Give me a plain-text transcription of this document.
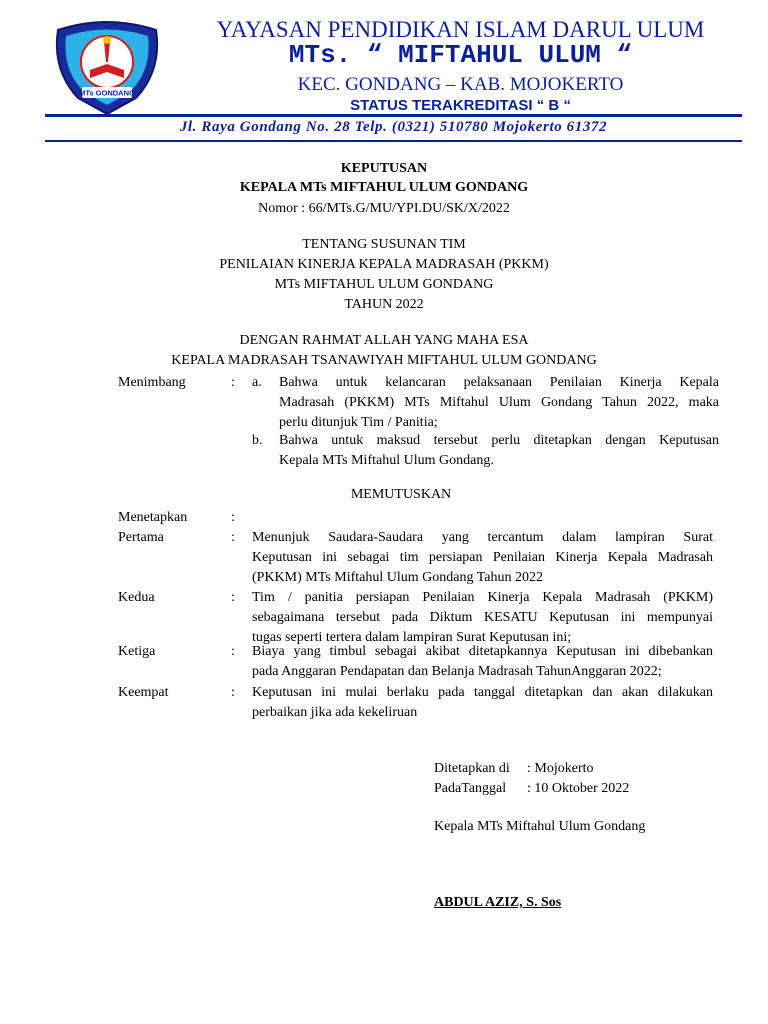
MTs GONDANG
YAYASAN PENDIDIKAN ISLAM DARUL ULUM
MTs. “ MIFTAHUL ULUM “
KEC. GONDANG – KAB. MOJOKERTO
STATUS TERAKREDITASI “ B “
Jl. Raya Gondang No. 28 Telp. (0321) 510780 Mojokerto 61372
KEPUTUSAN
KEPALA MTs MIFTAHUL ULUM GONDANG
Nomor : 66/MTs.G/MU/YPI.DU/SK/X/2022
TENTANG SUSUNAN TIM
PENILAIAN KINERJA KEPALA MADRASAH (PKKM)
MTs MIFTAHUL ULUM GONDANG
TAHUN 2022
DENGAN RAHMAT ALLAH YANG MAHA ESA
KEPALA MADRASAH TSANAWIYAH MIFTAHUL ULUM GONDANG
Menimbang	: a. Bahwa untuk kelancaran pelaksanaan Penilaian Kinerja Kepala
Madrasah (PKKM) MTs Miftahul Ulum Gondang Tahun 2022, maka
perlu ditunjuk Tim / Panitia;
b. Bahwa untuk maksud tersebut perlu ditetapkan dengan Keputusan
Kepala MTs Miftahul Ulum Gondang.
MEMUTUSKAN
Menetapkan	:
Pertama	: Menunjuk Saudara-Saudara yang tercantum dalam lampiran Surat
Keputusan ini sebagai tim persiapan Penilaian Kinerja Kepala Madrasah
(PKKM) MTs Miftahul Ulum Gondang Tahun 2022
Kedua	: Tim / panitia persiapan Penilaian Kinerja Kepala Madrasah (PKKM)
sebagaimana tersebut pada Diktum KESATU Keputusan ini mempunyai
tugas seperti tertera dalam lampiran Surat Keputusan ini;
Ketiga	: Biaya yang timbul sebagai akibat ditetapkannya Keputusan ini dibebankan
pada Anggaran Pendapatan dan Belanja Madrasah TahunAnggaran 2022;
Keempat	: Keputusan ini mulai berlaku pada tanggal ditetapkan dan akan dilakukan
perbaikan jika ada kekeliruan
Ditetapkan di : Mojokerto
PadaTanggal : 10 Oktober 2022
Kepala MTs Miftahul Ulum Gondang
ABDUL AZIZ, S. Sos
